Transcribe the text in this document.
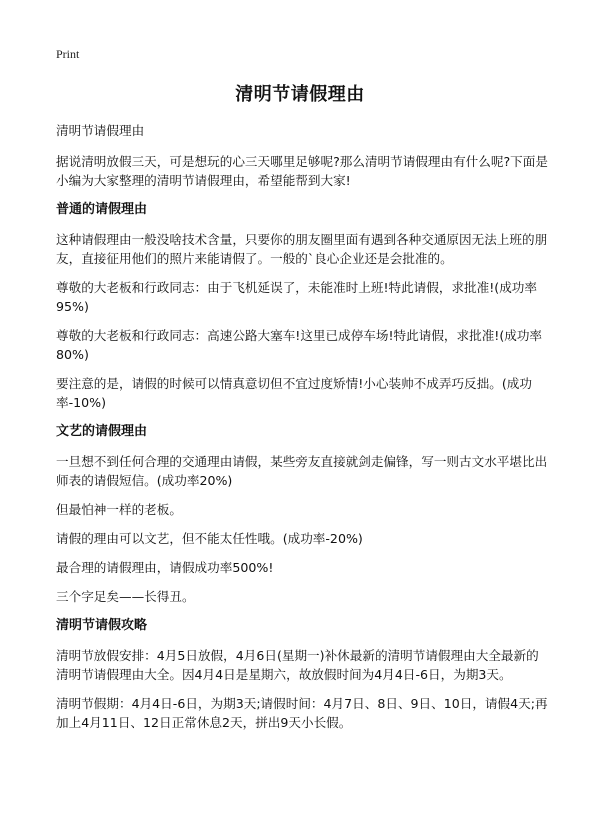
Print
清明节请假理由

清明节请假理由

据说清明放假三天，可是想玩的心三天哪里足够呢?那么清明节请假理由有什么呢?下面是小编为大家整理的清明节请假理由，希望能帮到大家!

普通的请假理由

这种请假理由一般没啥技术含量，只要你的朋友圈里面有遇到各种交通原因无法上班的朋友，直接征用他们的照片来能请假了。一般的`良心企业还是会批准的。

尊敬的大老板和行政同志：由于飞机延误了，未能准时上班!特此请假，求批准!(成功率95%)

尊敬的大老板和行政同志：高速公路大塞车!这里已成停车场!特此请假，求批准!(成功率80%)

要注意的是，请假的时候可以情真意切但不宜过度矫情!小心装帅不成弄巧反拙。(成功率-10%)

文艺的请假理由

一旦想不到任何合理的交通理由请假，某些旁友直接就剑走偏锋，写一则古文水平堪比出师表的请假短信。(成功率20%)

但最怕神一样的老板。

请假的理由可以文艺，但不能太任性哦。(成功率-20%)

最合理的请假理由，请假成功率500%!

三个字足矣——长得丑。

清明节请假攻略

清明节放假安排：4月5日放假，4月6日(星期一)补休最新的清明节请假理由大全最新的清明节请假理由大全。因4月4日是星期六，故放假时间为4月4日-6日，为期3天。

清明节假期：4月4日-6日，为期3天;请假时间：4月7日、8日、9日、10日，请假4天;再加上4月11日、12日正常休息2天，拼出9天小长假。
